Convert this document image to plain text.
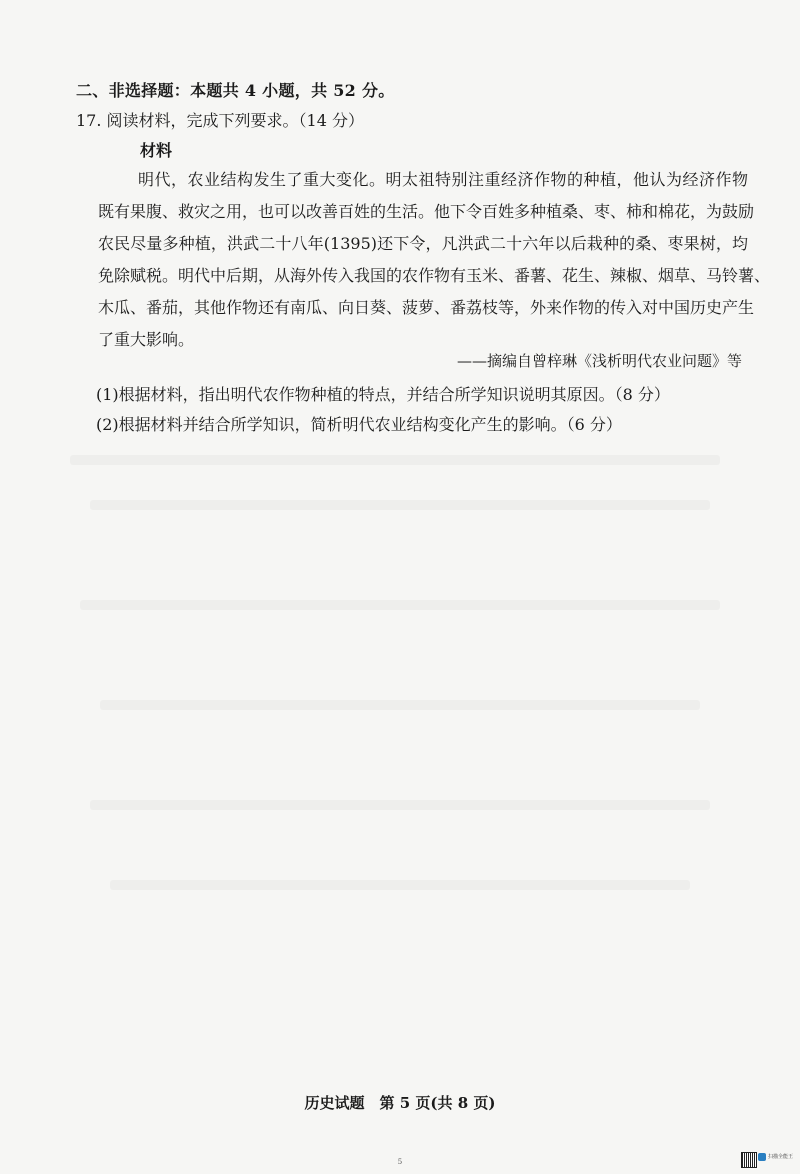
二、非选择题：本题共 4 小题，共 52 分。
17. 阅读材料，完成下列要求。（14 分）
材料
明代，农业结构发生了重大变化。明太祖特别注重经济作物的种植，他认为经济作物
既有果腹、救灾之用，也可以改善百姓的生活。他下令百姓多种植桑、枣、柿和棉花，为鼓励
农民尽量多种植，洪武二十八年(1395)还下令，凡洪武二十六年以后栽种的桑、枣果树，均
免除赋税。明代中后期，从海外传入我国的农作物有玉米、番薯、花生、辣椒、烟草、马铃薯、
木瓜、番茄，其他作物还有南瓜、向日葵、菠萝、番荔枝等，外来作物的传入对中国历史产生
了重大影响。
——摘编自曾梓琳《浅析明代农业问题》等
(1)根据材料，指出明代农作物种植的特点，并结合所学知识说明其原因。（8 分）
(2)根据材料并结合所学知识，简析明代农业结构变化产生的影响。（6 分）
历史试题　第 5 页(共 8 页)
5
扫描全能王
